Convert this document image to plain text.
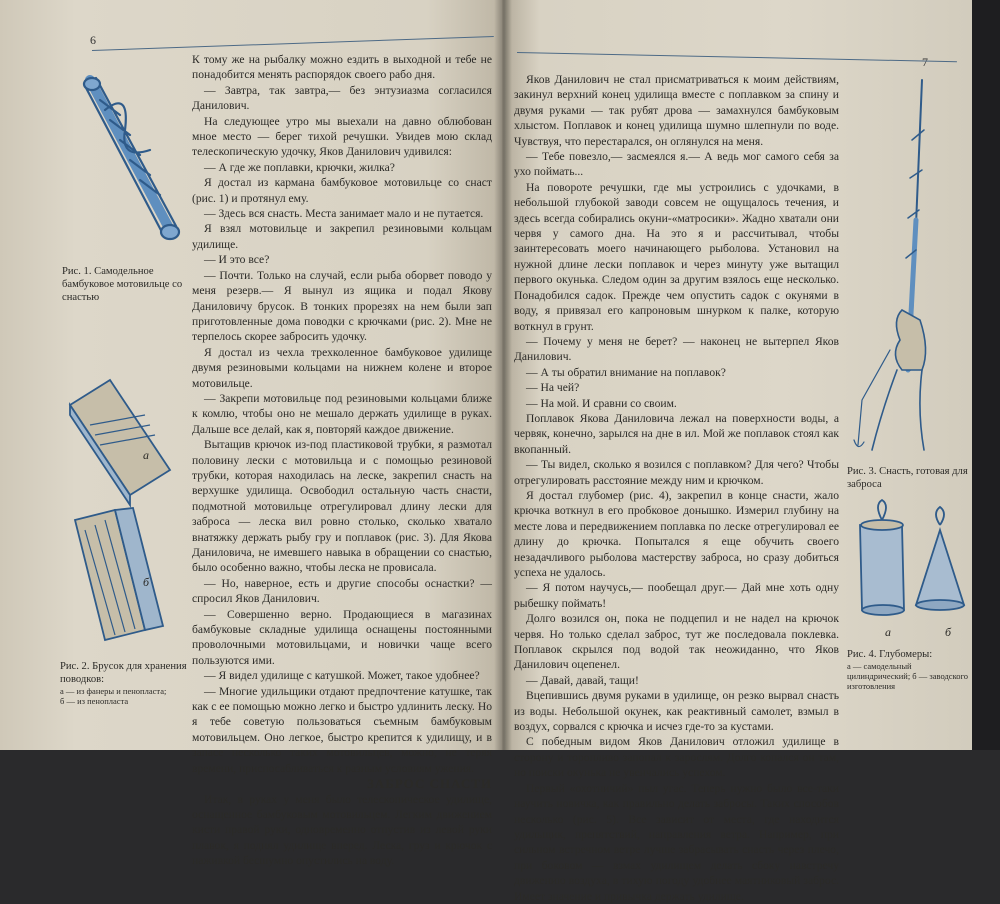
6
Рис. 1. Самодельное бамбуковое мотовильце со снастью
а
б
Рис. 2. Брусок для хранения поводков:
а — из фанеры и пенопласта;
б — из пенопласта

К тому же на рыбалку можно ездить в выходной и тебе не понадобится менять распорядок своего рабо дня.

— Завтра, так завтра,— без энтузиазма согласился Данилович.

На следующее утро мы выехали на давно облюбован мное место — берег тихой речушки. Увидев мою склад телескопическую удочку, Яков Данилович удивился:

— А где же поплавки, крючки, жилка?

Я достал из кармана бамбуковое мотовильце со снаст (рис. 1) и протянул ему.

— Здесь вся снасть. Места занимает мало и не путается.

Я взял мотовильце и закрепил резиновыми кольцам удилище.

— И это все?

— Почти. Только на случай, если рыба оборвет поводо у меня резерв.— Я вынул из ящика и подал Якову Даниловичу брусок. В тонких прорезях на нем были зап приготовленные дома поводки с крючками (рис. 2). Мне не терпелось скорее забросить удочку.

Я достал из чехла трехколенное бамбуковое удилище двумя резиновыми кольцами на нижнем колене и второе мотовильце.

— Закрепи мотовильце под резиновыми кольцами ближе к комлю, чтобы оно не мешало держать удилище в руках. Дальше все делай, как я, повторяй каждое движение.

Вытащив крючок из-под пластиковой трубки, я размотал половину лески с мотовильца и с помощью резиновой трубки, которая находилась на леске, закрепил снасть на верхушке удилища. Освободил остальную часть снасти, подмотной мотовильце отрегулировал длину лески для заброса — леска вил ровно столько, сколько хватало внатяжку держать рыбу гру и поплавок (рис. 3). Для Якова Даниловича, не имевшего навыка в обращении со снастью, было особенно важно, чтобы леска не провисала.

— Но, наверное, есть и другие способы оснастки? — спросил Яков Данилович.

— Совершенно верно. Продающиеся в магазинах бамбуковые складные удилища оснащены постоянными проволочными мотовильцами, и новички чаще всего пользуются ими.

— Я видел удилище с катушкой. Может, такое удобнее?

— Многие удильщики отдают предпочтение катушке, так как с ее помощью можно легко и быстро удлинить леску. Но я тебе советую пользоваться съемным бамбуковым мотовильцем. Оно легкое, быстро крепится к удилищу, и в запасе несколько таких мотовильцев, можно, не теряя времени, приспосабливаться к разным условиям ужения.

ЗАБРОС СНАСТИ

Итак, в руках у меня было телескопическое удилище, оснащенное бамбуковым мотовильцем. Легким движением кисти правой руки, одновременно отпустив из левой руки плавок, я поднял удилище вперед. Леска, груз и крючок с наживкой бесшумно опустились на воду.

7

Яков Данилович не стал присматриваться к моим действиям, закинул верхний конец удилища вместе с поплавком за спину и двумя руками — так рубят дрова — замахнулся бамбуковым хлыстом. Поплавок и конец удилища шумно шлепнули по воде. Чувствуя, что перестарался, он оглянулся на меня.

— Тебе повезло,— засмеялся я.— А ведь мог самого себя за ухо поймать...

На повороте речушки, где мы устроились с удочками, в небольшой глубокой заводи совсем не ощущалось течения, и здесь всегда собирались окуни-«матросики». Жадно хватали они червя у самого дна. На это я и рассчитывал, чтобы заинтересовать моего начинающего рыболова. Установил на нужной длине лески поплавок и через минуту уже вытащил первого окунька. Следом один за другим взялось еще несколько. Понадобился садок. Прежде чем опустить садок с окунями в воду, я привязал его капроновым шнурком к палке, которую воткнул в грунт.

— Почему у меня не берет? — наконец не вытерпел Яков Данилович.

— А ты обратил внимание на поплавок?

— На чей?

— На мой. И сравни со своим.

Поплавок Якова Даниловича лежал на поверхности воды, а червяк, конечно, зарылся на дне в ил. Мой же поплавок стоял как вкопанный.

— Ты видел, сколько я возился с поплавком? Для чего? Чтобы отрегулировать расстояние между ним и крючком.

Я достал глубомер (рис. 4), закрепил в конце снасти, жало крючка воткнул в его пробковое донышко. Измерил глубину на месте лова и передвижением поплавка по леске отрегулировал ее длину до крючка. Попытался я еще обучить своего незадачливого рыболова мастерству заброса, но сразу добиться успеха не удалось.

— Я потом научусь,— пообещал друг.— Дай мне хоть одну рыбешку поймать!

Долго возился он, пока не подцепил и не надел на крючок червя. Но только сделал заброс, тут же последовала поклевка. Поплавок скрылся под водой так неожиданно, что Яков Данилович оцепенел.

— Давай, давай, тащи!

Вцепившись двумя руками в удилище, он резко вырвал снасть из воды. Небольшой окунек, как реактивный самолет, взмыл в воздух, сорвался с крючка и исчез где-то за кустами.

С победным видом Яков Данилович отложил удилище в сторону и торопливо запопал к зарослям. Долго копался он там, но поиски окунька не увенчались успехом.

Первый «охотничий» пыл угас. Теперь нужно было все-таки научить новичка, как правильно делать забросы. Таких способов несколько (рис. 5). Все зависит от места, где находится удильщик, препятствий, направления ветра. Например, при сильном встречном ветре лучше забрасывать снасть через плечо, при боковом — взмах удилищем делать сбоку навстречу движению воздуха, в тихую погоду удобнее маятниковый заброс. Имеет значение и привычка держать удилище.

Рис. 3. Снасть, готовая для заброса
а	б
Рис. 4. Глубомеры:
а — самодельный цилиндрический; б — заводского изготовления
